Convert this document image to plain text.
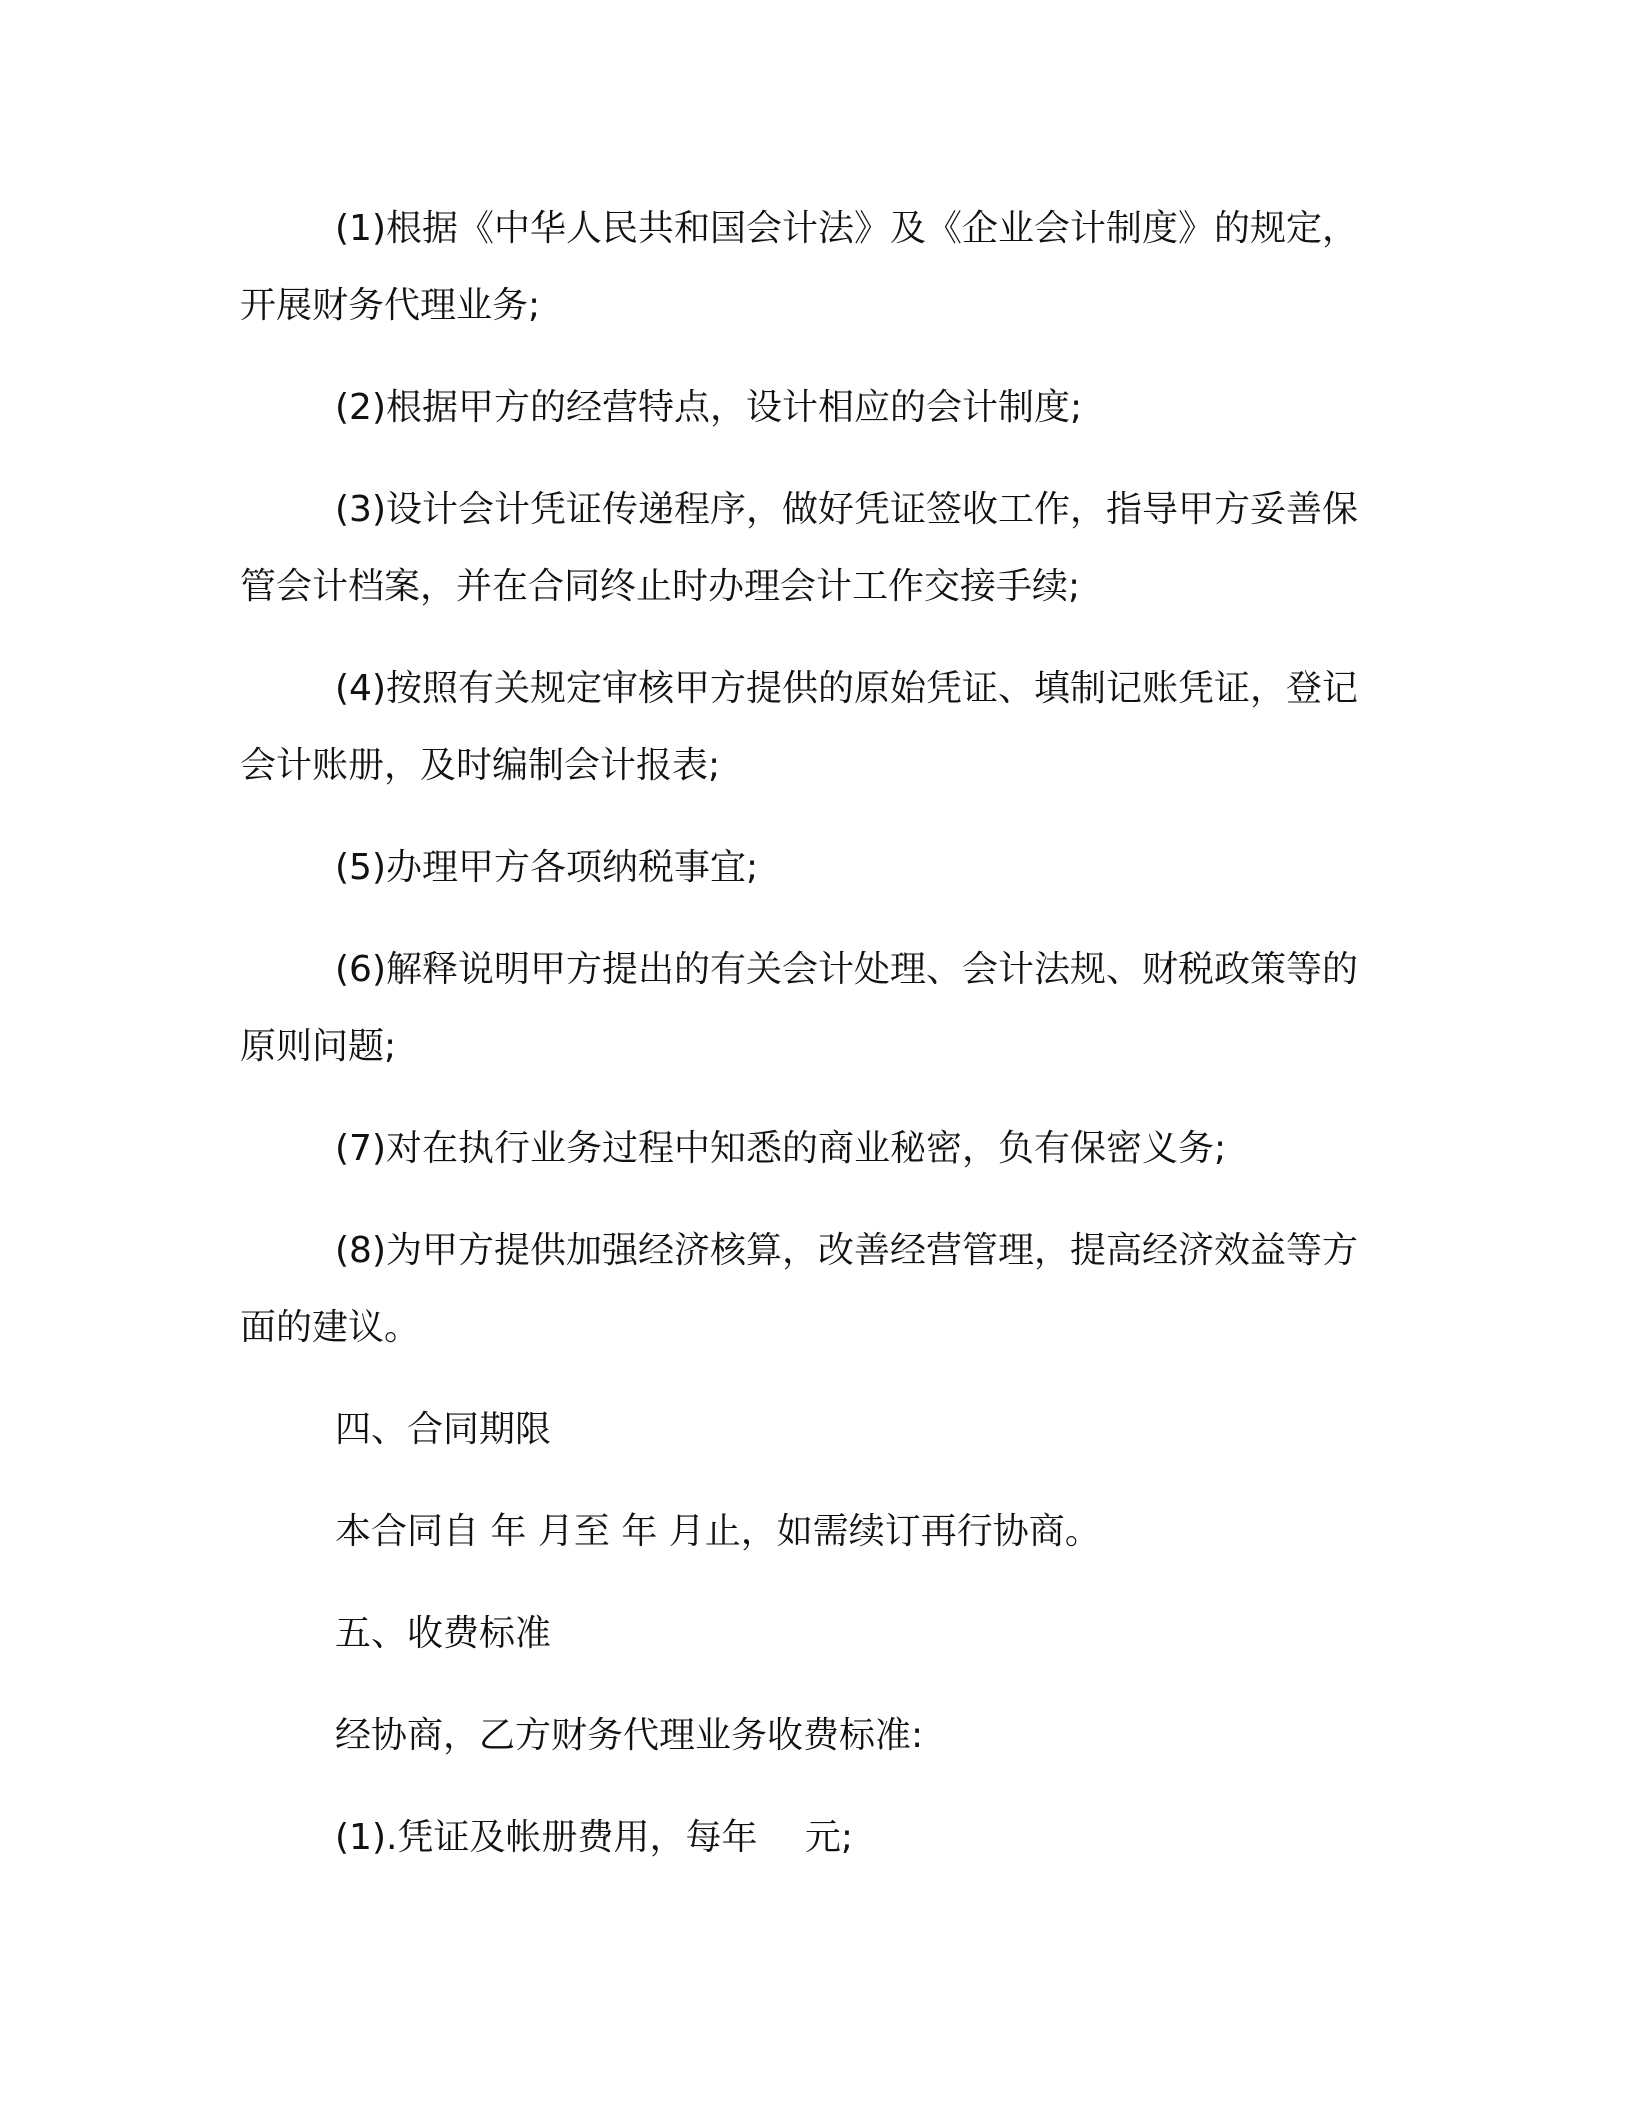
(1)根据《中华人民共和国会计法》及《企业会计制度》的规定，开展财务代理业务;

(2)根据甲方的经营特点，设计相应的会计制度;

(3)设计会计凭证传递程序，做好凭证签收工作，指导甲方妥善保管会计档案，并在合同终止时办理会计工作交接手续;

(4)按照有关规定审核甲方提供的原始凭证、填制记账凭证，登记会计账册，及时编制会计报表;

(5)办理甲方各项纳税事宜;

(6)解释说明甲方提出的有关会计处理、会计法规、财税政策等的原则问题;

(7)对在执行业务过程中知悉的商业秘密，负有保密义务;

(8)为甲方提供加强经济核算，改善经营管理，提高经济效益等方面的建议。

四、合同期限

本合同自 年 月至 年 月止，如需续订再行协商。

五、收费标准

经协商，乙方财务代理业务收费标准:

(1).凭证及帐册费用，每年　 元;
